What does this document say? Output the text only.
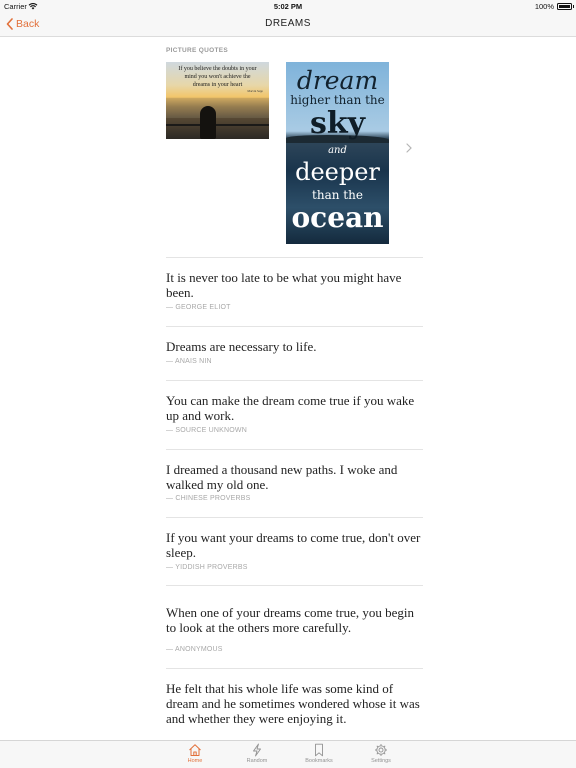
Carrier	5:02 PM	100%
Back	DREAMS
PICTURE QUOTES
If you believe the doubts in your
mind you won't achieve the
dreams in your heart
Marvin Sapp	dream
higher than the
sky
and
deeper
than the
ocean
It is never too late to be what you might have been.
— GEORGE ELIOT
Dreams are necessary to life.
— ANAIS NIN
You can make the dream come true if you wake up and work.
— SOURCE UNKNOWN
I dreamed a thousand new paths. I woke and walked my old one.
— CHINESE PROVERBS
If you want your dreams to come true, don't over sleep.
— YIDDISH PROVERBS
When one of your dreams come true, you begin to look at the others more carefully.
— ANONYMOUS
He felt that his whole life was some kind of dream and he sometimes wondered whose it was and whether they were enjoying it.
Home	Random	Bookmarks	Settings
